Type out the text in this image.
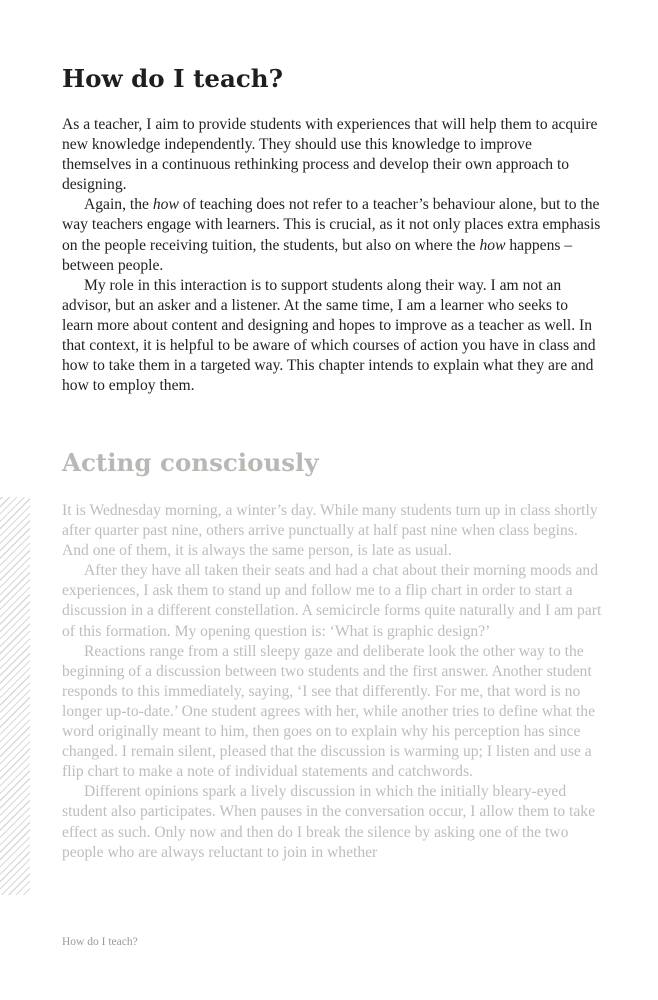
How do I teach?

As a teacher, I aim to provide students with experiences that will help them to acquire new knowledge independently. They should use this knowledge to improve themselves in a continuous rethinking process and develop their own approach to designing.

Again, the how of teaching does not refer to a teacher’s behaviour alone, but to the way teachers engage with learners. This is crucial, as it not only places extra emphasis on the people receiving tuition, the students, but also on where the how happens – between people.

My role in this interaction is to support students along their way. I am not an advisor, but an asker and a listener. At the same time, I am a learner who seeks to learn more about content and designing and hopes to improve as a teacher as well. In that context, it is helpful to be aware of which courses of action you have in class and how to take them in a targeted way. This chapter intends to explain what they are and how to employ them.

Acting consciously

It is Wednesday morning, a winter’s day. While many students turn up in class shortly after quarter past nine, others arrive punctually at half past nine when class begins. And one of them, it is always the same person, is late as usual.

After they have all taken their seats and had a chat about their morning moods and experiences, I ask them to stand up and follow me to a flip chart in order to start a discussion in a different constellation. A semicircle forms quite naturally and I am part of this formation. My opening question is: ‘What is graphic design?’

Reactions range from a still sleepy gaze and deliberate look the other way to the beginning of a discussion between two students and the first answer. Another student responds to this immediately, saying, ‘I see that differently. For me, that word is no longer up-to-date.’ One student agrees with her, while another tries to define what the word originally meant to him, then goes on to explain why his perception has since changed. I remain silent, pleased that the discussion is warming up; I listen and use a flip chart to make a note of individual statements and catchwords.

Different opinions spark a lively discussion in which the initially bleary-eyed student also participates. When pauses in the conversation occur, I allow them to take effect as such. Only now and then do I break the silence by asking one of the two people who are always reluctant to join in whether

How do I teach?
